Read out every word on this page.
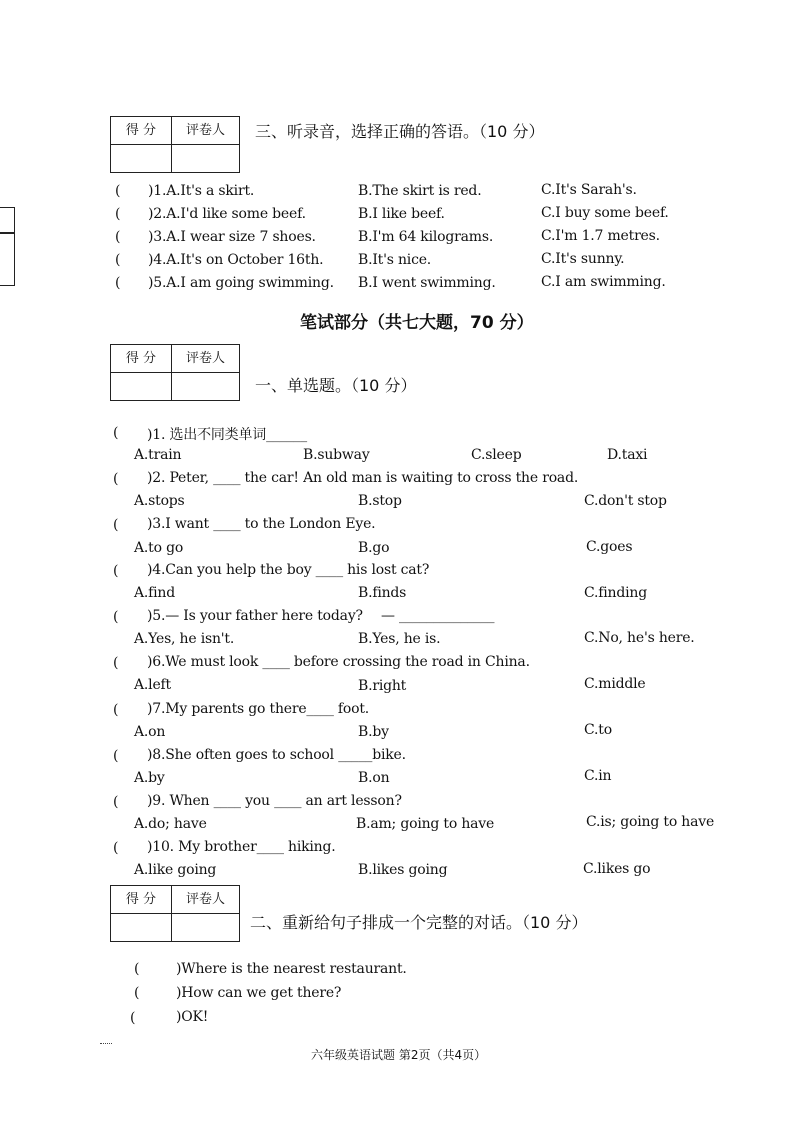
得 分	评卷人	三、听录音，选择正确的答语。（10 分）
( )1.A.It's a skirt.	B.The skirt is red.	C.It's Sarah's.
( )2.A.I'd like some beef.	B.I like beef.	C.I buy some beef.
( )3.A.I wear size 7 shoes.	B.I'm 64 kilograms.	C.I'm 1.7 metres.
( )4.A.It's on October 16th. B.It's nice.	C.It's sunny.
( )5.A.I am going swimming. B.I went swimming.	C.I am swimming.
笔试部分（共七大题，70 分）
得 分	评卷人
一、单选题。（10 分）
( )1. 选出不同类单词______
A.train	B.subway	C.sleep	D.taxi
( )2. Peter, ____ the car! An old man is waiting to cross the road.
A.stops	B.stop	C.don't stop
( )3.I want ____ to the London Eye.
A.to go	B.go	C.goes
( )4.Can you help the boy ____ his lost cat?
A.find	B.finds	C.finding
( )5.— Is your father here today? — ______________
A.Yes, he isn't.	B.Yes, he is.	C.No, he's here.
( )6.We must look ____ before crossing the road in China.
A.left	B.right	C.middle
( )7.My parents go there____ foot.
A.on	B.by	C.to
( )8.She often goes to school _____bike.
A.by	B.on	C.in
( )9. When ____ you ____ an art lesson?
A.do; have	B.am; going to have	C.is; going to have
( )10. My brother____ hiking.
A.like going	B.likes going	C.likes go
得 分	评卷人
二、重新给句子排成一个完整的对话。（10 分）
(	)Where is the nearest restaurant.
(	)How can we get there?
(	)OK!
六年级英语试题 第2页（共4页）
